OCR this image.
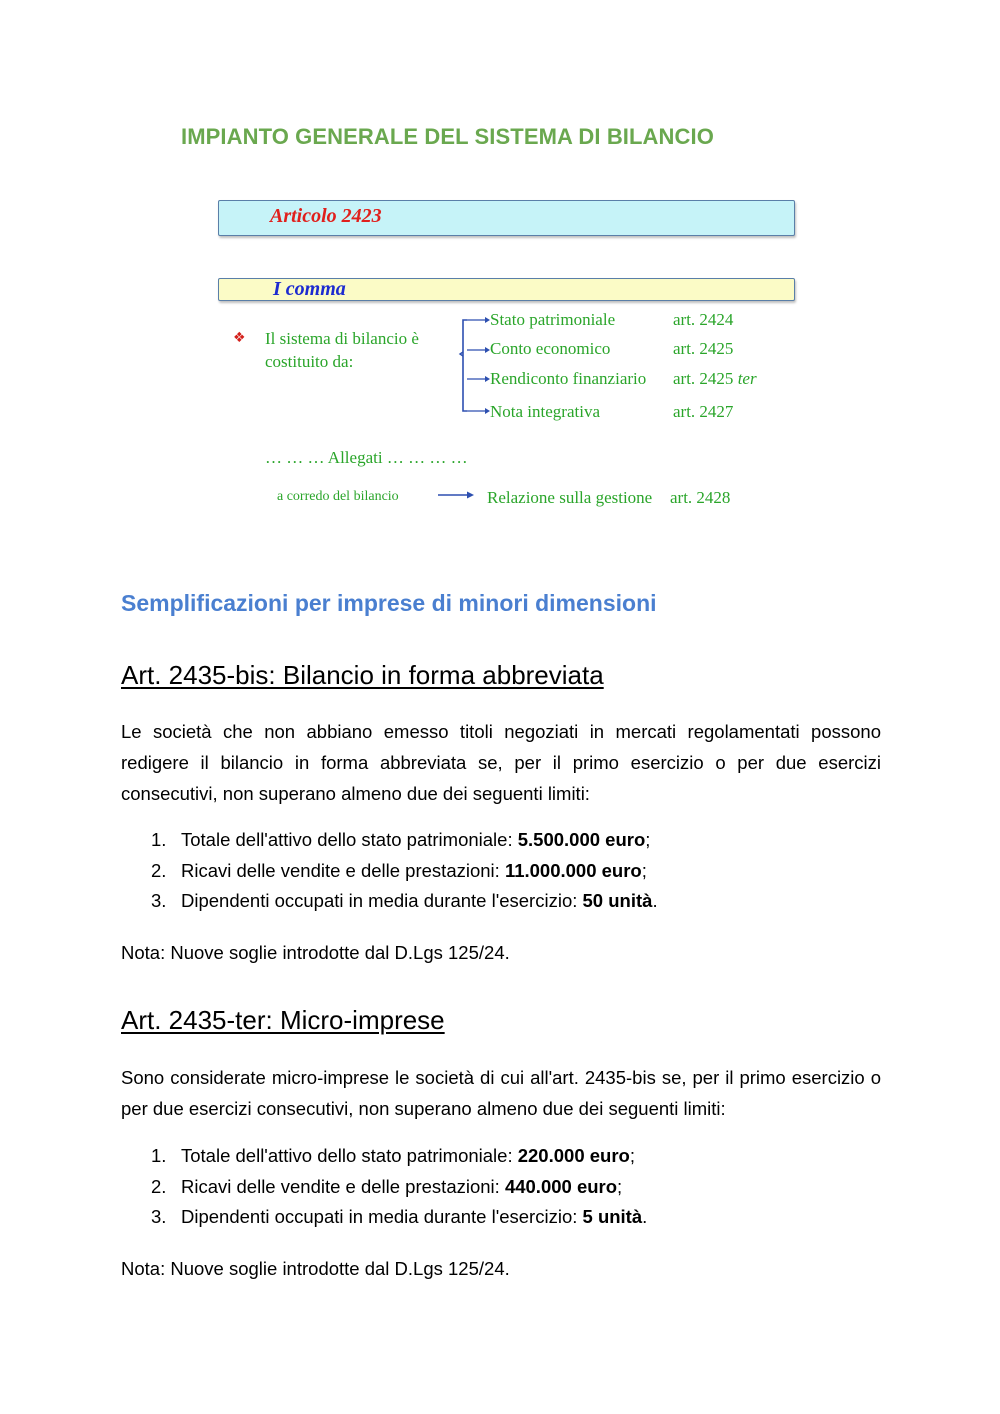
IMPIANTO GENERALE DEL SISTEMA DI BILANCIO
Articolo 2423
I comma
❖ Il sistema di bilancio è costituito da:
Stato patrimoniale	art. 2424
Conto economico	art. 2425
Rendiconto finanziario art. 2425 ter
Nota integrativa	art. 2427
… … … Allegati … … … …
a corredo del bilancio	Relazione sulla gestione art. 2428
Semplificazioni per imprese di minori dimensioni
Art. 2435-bis: Bilancio in forma abbreviata
Le società che non abbiano emesso titoli negoziati in mercati regolamentati possono redigere il bilancio in forma abbreviata se, per il primo esercizio o per due esercizi consecutivi, non superano almeno due dei seguenti limiti:
1. Totale dell'attivo dello stato patrimoniale: 5.500.000 euro;
2. Ricavi delle vendite e delle prestazioni: 11.000.000 euro;
3. Dipendenti occupati in media durante l'esercizio: 50 unità.
Nota: Nuove soglie introdotte dal D.Lgs 125/24.
Art. 2435-ter: Micro-imprese
Sono considerate micro-imprese le società di cui all'art. 2435-bis se, per il primo esercizio o per due esercizi consecutivi, non superano almeno due dei seguenti limiti:
1. Totale dell'attivo dello stato patrimoniale: 220.000 euro;
2. Ricavi delle vendite e delle prestazioni: 440.000 euro;
3. Dipendenti occupati in media durante l'esercizio: 5 unità.
Nota: Nuove soglie introdotte dal D.Lgs 125/24.
